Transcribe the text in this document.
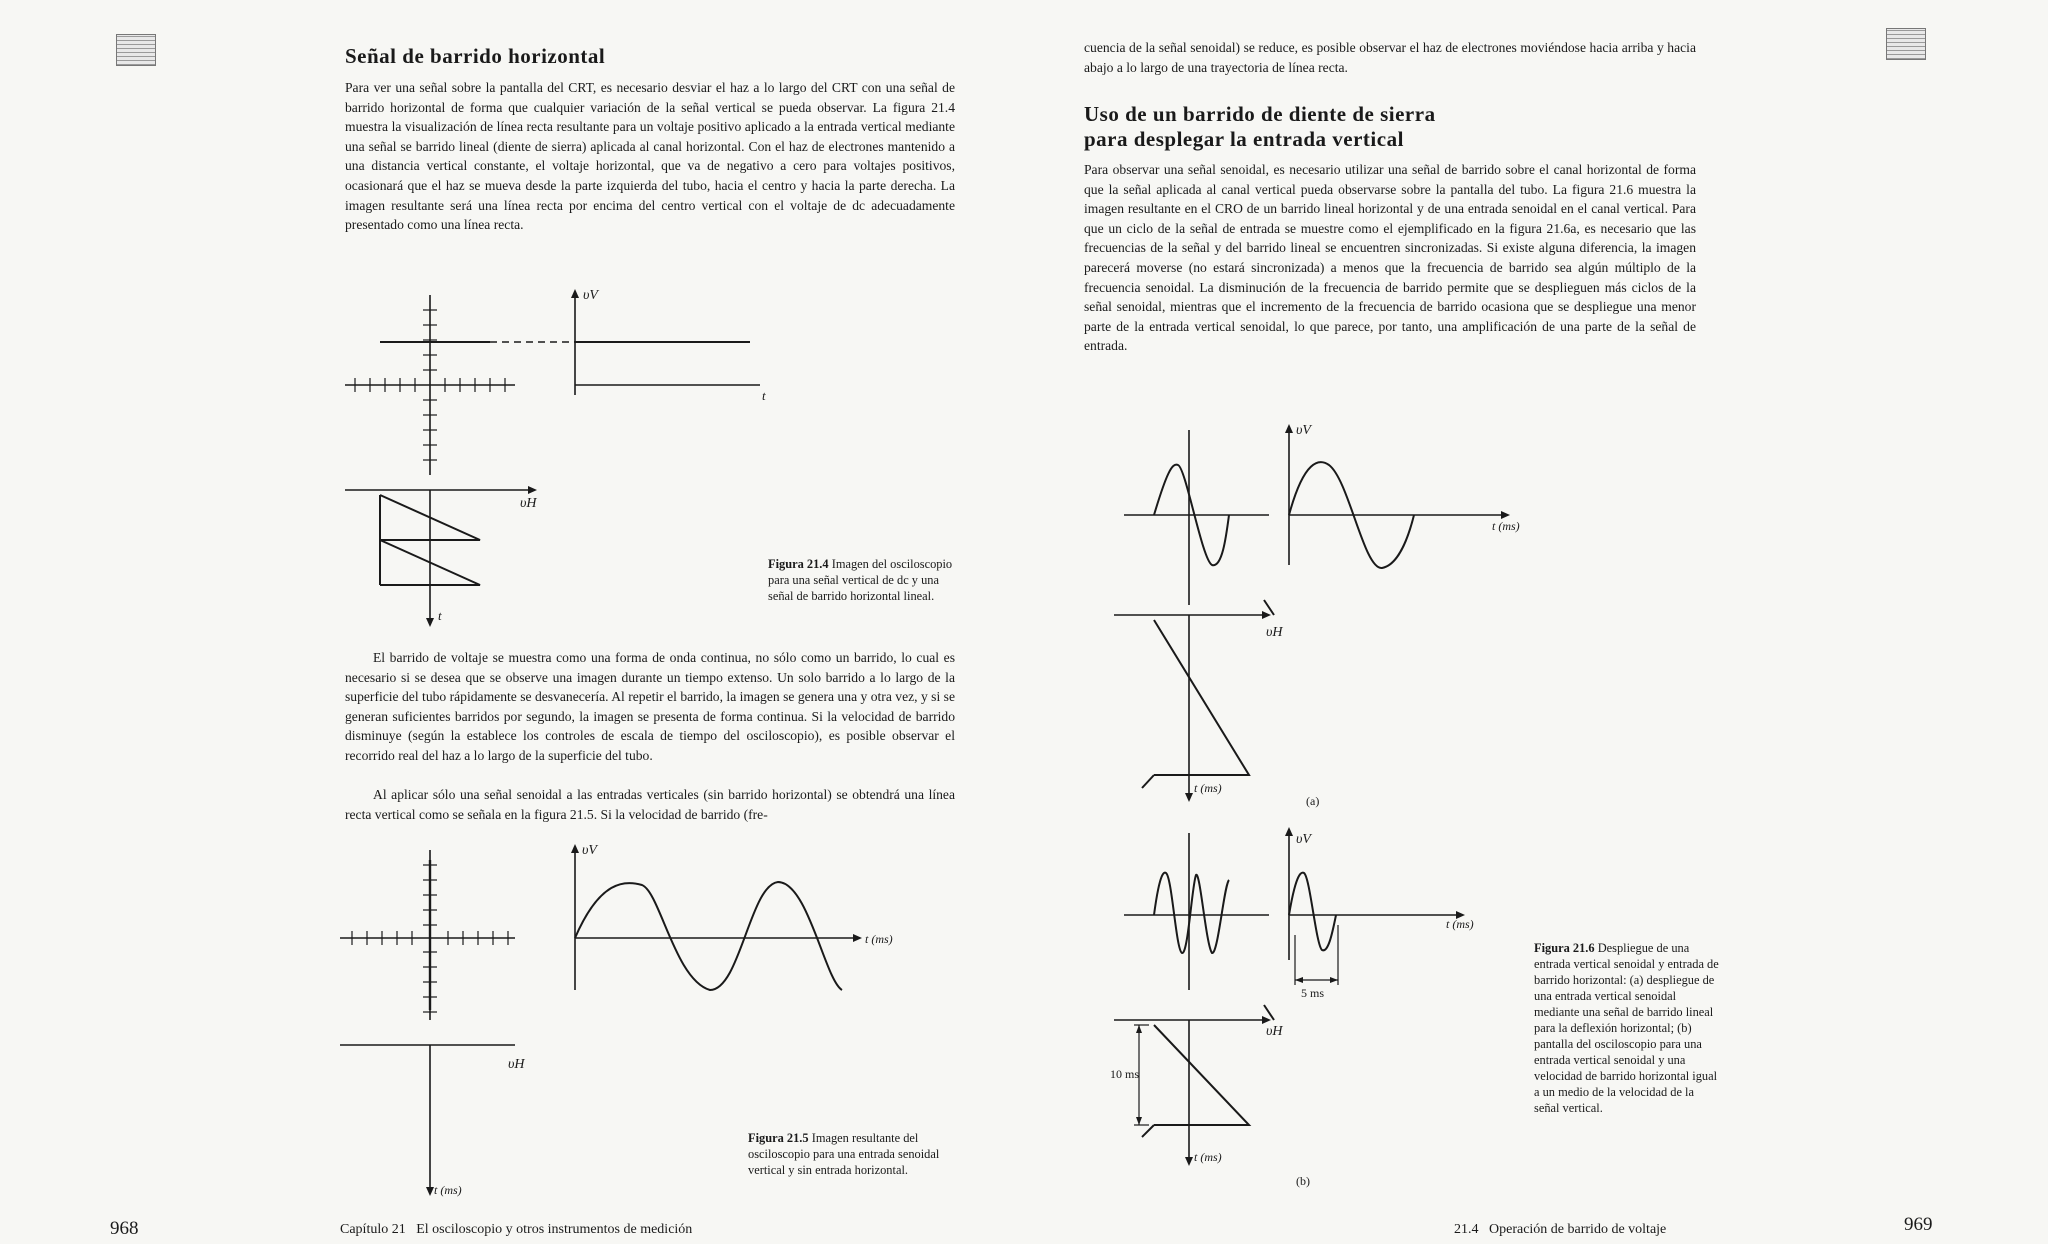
Señal de barrido horizontal

Para ver una señal sobre la pantalla del CRT, es necesario desviar el haz a lo largo del CRT con una señal de barrido horizontal de forma que cualquier variación de la señal vertical se pueda observar. La figura 21.4 muestra la visualización de línea recta resultante para un voltaje positivo aplicado a la entrada vertical mediante una señal se barrido lineal (diente de sierra) aplicada al canal horizontal. Con el haz de electrones mantenido a una distancia vertical constante, el voltaje horizontal, que va de negativo a cero para voltajes positivos, ocasionará que el haz se mueva desde la parte izquierda del tubo, hacia el centro y hacia la parte derecha. La imagen resultante será una línea recta por encima del centro vertical con el voltaje de dc adecuadamente presentado como una línea recta.

υV
t
υH
t
Figura 21.4 Imagen del osciloscopio para una señal vertical de dc y una señal de barrido horizontal lineal.

El barrido de voltaje se muestra como una forma de onda continua, no sólo como un barrido, lo cual es necesario si se desea que se observe una imagen durante un tiempo extenso. Un solo barrido a lo largo de la superficie del tubo rápidamente se desvanecería. Al repetir el barrido, la imagen se genera una y otra vez, y si se generan suficientes barridos por segundo, la imagen se presenta de forma continua. Si la velocidad de barrido disminuye (según la establece los controles de escala de tiempo del osciloscopio), es posible observar el recorrido real del haz a lo largo de la superficie del tubo.

Al aplicar sólo una señal senoidal a las entradas verticales (sin barrido horizontal) se obtendrá una línea recta vertical como se señala en la figura 21.5. Si la velocidad de barrido (fre-

υV
t (ms)
υH
t (ms)
Figura 21.5 Imagen resultante del osciloscopio para una entrada senoidal vertical y sin entrada horizontal.
968	Capítulo 21   El osciloscopio y otros instrumentos de medición

cuencia de la señal senoidal) se reduce, es posible observar el haz de electrones moviéndose hacia arriba y hacia abajo a lo largo de una trayectoria de línea recta.

Uso de un barrido de diente de sierra
para desplegar la entrada vertical

Para observar una señal senoidal, es necesario utilizar una señal de barrido sobre el canal horizontal de forma que la señal aplicada al canal vertical pueda observarse sobre la pantalla del tubo. La figura 21.6 muestra la imagen resultante en el CRO de un barrido lineal horizontal y de una entrada senoidal en el canal vertical. Para que un ciclo de la señal de entrada se muestre como el ejemplificado en la figura 21.6a, es necesario que las frecuencias de la señal y del barrido lineal se encuentren sincronizadas. Si existe alguna diferencia, la imagen parecerá moverse (no estará sincronizada) a menos que la frecuencia de barrido sea algún múltiplo de la frecuencia senoidal. La disminución de la frecuencia de barrido permite que se desplieguen más ciclos de la señal senoidal, mientras que el incremento de la frecuencia de barrido ocasiona que se despliegue una menor parte de la entrada vertical senoidal, lo que parece, por tanto, una amplificación de una parte de la señal de entrada.

υV
t (ms)
υH
t (ms)
(a)
υV
t (ms)
5 ms
υH
10 ms
t (ms)
(b)
Figura 21.6 Despliegue de una entrada vertical senoidal y entrada de barrido horizontal: (a) despliegue de una entrada vertical senoidal mediante una señal de barrido lineal para la deflexión horizontal; (b) pantalla del osciloscopio para una entrada vertical senoidal y una velocidad de barrido horizontal igual a un medio de la velocidad de la señal vertical.
21.4   Operación de barrido de voltaje	969
